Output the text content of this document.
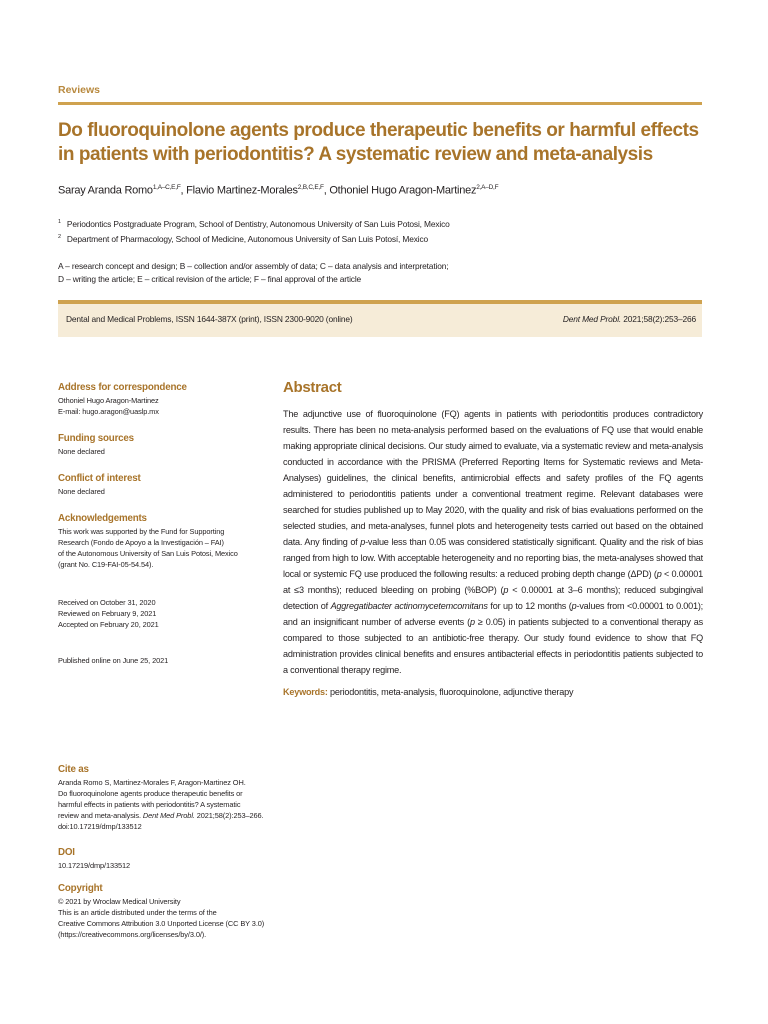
Reviews
Do fluoroquinolone agents produce therapeutic benefits or harmful effects in patients with periodontitis? A systematic review and meta-analysis
Saray Aranda Romo$^{1,A-C,E,F}$, Flavio Martinez-Morales$^{2,B,C,E,F}$, Othoniel Hugo Aragon-Martinez$^{2,A-D,F}$
$^1$ Periodontics Postgraduate Program, School of Dentistry, Autonomous University of San Luis Potosi, Mexico
$^2$ Department of Pharmacology, School of Medicine, Autonomous University of San Luis Potosí, Mexico
A – research concept and design; B – collection and/or assembly of data; C – data analysis and interpretation;
D – writing the article; E – critical revision of the article; F – final approval of the article
Dental and Medical Problems, ISSN 1644-387X (print), ISSN 2300-9020 (online)	Dent Med Probl. 2021;58(2):253–266
Address for correspondence

Othoniel Hugo Aragon-Martinez

E-mail: hugo.aragon@uaslp.mx

Funding sources

None declared

Conflict of interest

None declared

Acknowledgements

This work was supported by the Fund for Supporting

Research (Fondo de Apoyo a la Investigación – FAI)

of the Autonomous University of San Luis Potosi, Mexico

(grant No. C19-FAI-05-54.54).

Received on October 31, 2020

Reviewed on February 9, 2021

Accepted on February 20, 2021

Published online on June 25, 2021

Cite as

Aranda Romo S, Martinez-Morales F, Aragon-Martinez OH.

Do fluoroquinolone agents produce therapeutic benefits or

harmful effects in patients with periodontitis? A systematic

review and meta-analysis. Dent Med Probl. 2021;58(2):253–266.

doi:10.17219/dmp/133512

DOI

10.17219/dmp/133512

Copyright

© 2021 by Wroclaw Medical University

This is an article distributed under the terms of the

Creative Commons Attribution 3.0 Unported License (CC BY 3.0)

(https://creativecommons.org/licenses/by/3.0/).

Abstract
The adjunctive use of fluoroquinolone (FQ) agents in patients with periodontitis produces contradictory results. There has been no meta-analysis performed based on the evaluations of FQ use that would enable making appropriate clinical decisions. Our study aimed to evaluate, via a systematic review and meta-analysis conducted in accordance with the PRISMA (Preferred Reporting Items for Systematic reviews and Meta-Analyses) guidelines, the clinical benefits, antimicrobial effects and safety profiles of the FQ agents administered to periodontitis patients under a conventional treatment regime. Relevant databases were searched for studies published up to May 2020, with the quality and risk of bias evaluations performed on the selected studies, and meta-analyses, funnel plots and heterogeneity tests carried out based on the obtained data. Any finding of p-value less than 0.05 was considered statistically significant. Quality and the risk of bias ranged from high to low. With acceptable heterogeneity and no reporting bias, the meta-analyses showed that local or systemic FQ use produced the following results: a reduced probing depth change (ΔPD) (p < 0.00001 at ≤3 months); reduced bleeding on probing (%BOP) (p < 0.00001 at 3–6 months); reduced subgingival detection of Aggregatibacter actinomycetemcomitans for up to 12 months (p-values from <0.00001 to 0.001); and an insignificant number of adverse events (p ≥ 0.05) in patients subjected to a conventional therapy as compared to those subjected to an antibiotic-free therapy. Our study found evidence to show that FQ administration provides clinical benefits and ensures antibacterial effects in periodontitis patients subjected to a conventional therapy regime.
Keywords: periodontitis, meta-analysis, fluoroquinolone, adjunctive therapy
